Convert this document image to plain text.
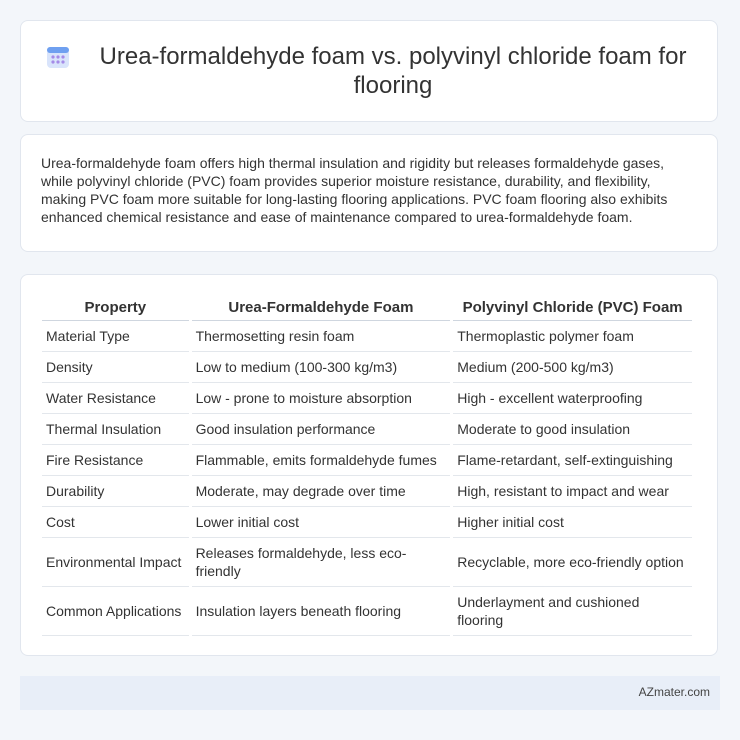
Urea-formaldehyde foam vs. polyvinyl chloride foam for flooring

Urea-formaldehyde foam offers high thermal insulation and rigidity but releases formaldehyde gases, while polyvinyl chloride (PVC) foam provides superior moisture resistance, durability, and flexibility, making PVC foam more suitable for long-lasting flooring applications. PVC foam flooring also exhibits enhanced chemical resistance and ease of maintenance compared to urea-formaldehyde foam.

Property	Urea-Formaldehyde Foam	Polyvinyl Chloride (PVC) Foam
Material Type	Thermosetting resin foam	Thermoplastic polymer foam
Density	Low to medium (100-300 kg/m3)	Medium (200-500 kg/m3)
Water Resistance	Low - prone to moisture absorption	High - excellent waterproofing
Thermal Insulation	Good insulation performance	Moderate to good insulation
Fire Resistance	Flammable, emits formaldehyde fumes	Flame-retardant, self-extinguishing
Durability	Moderate, may degrade over time	High, resistant to impact and wear
Cost	Lower initial cost	Higher initial cost
Environmental Impact	Releases formaldehyde, less eco-friendly	Recyclable, more eco-friendly option
Common Applications	Insulation layers beneath flooring	Underlayment and cushioned flooring
AZmater.com
